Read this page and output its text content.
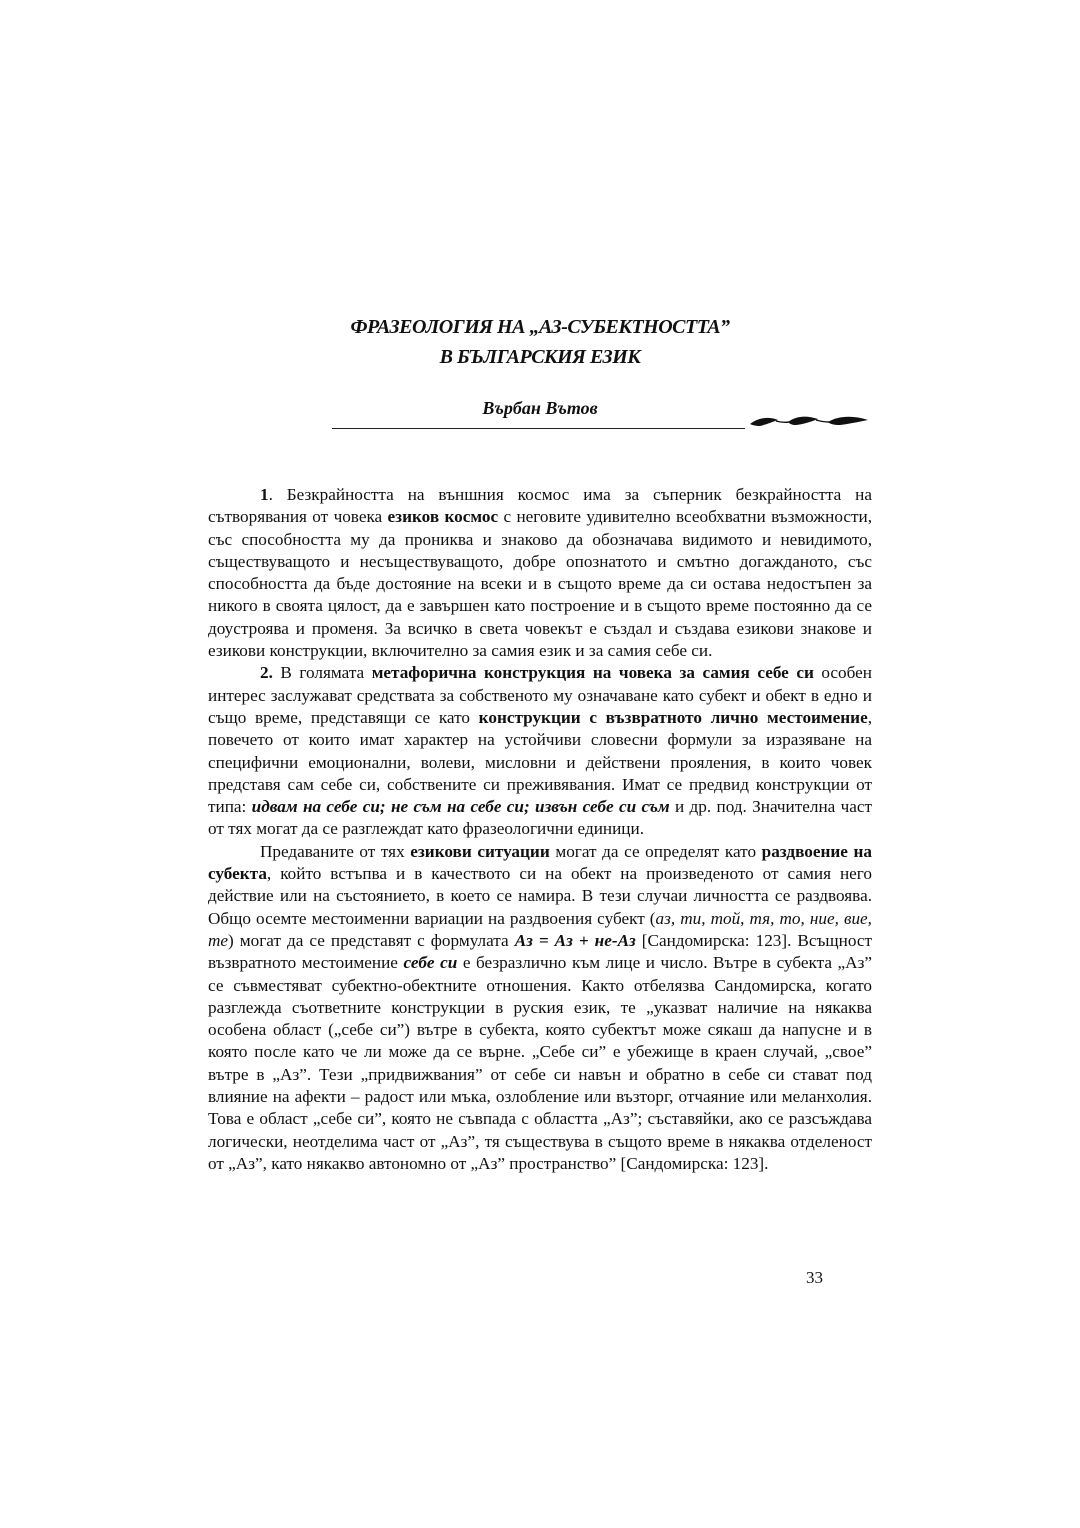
ФРАЗЕОЛОГИЯ НА „АЗ-СУБЕКТНОСТТА”
В БЪЛГАРСКИЯ ЕЗИК
Върбан Вътов

1. Безкрайността на външния космос има за съперник безкрайността на сътворявания от човека езиков космос с неговите удивително всеобхватни възможности, със способността му да прониква и знаково да обозначава видимото и невидимото, съществуващото и несъществуващото, добре опознатото и смътно догажданото, със способността да бъде достояние на всеки и в същото време да си остава недостъпен за никого в своята цялост, да е завършен като построение и в същото време постоянно да се доустроява и променя. За всичко в света човекът е създал и създава езикови знакове и езикови конструкции, включително за самия език и за самия себе си.

2. В голямата метафорична конструкция на човека за самия себе си особен интерес заслужават средствата за собственото му означаване като субект и обект в едно и също време, представящи се като конструкции с възвратното лично местоимение, повечето от които имат характер на устойчиви словесни формули за изразяване на специфични емоционални, волеви, мисловни и действени прояления, в които човек представя сам себе си, собствените си преживявания. Имат се предвид конструкции от типа: идвам на себе си; не съм на себе си; извън себе си съм и др. под. Значителна част от тях могат да се разглеждат като фразеологични единици.

Предаваните от тях езикови ситуации могат да се определят като раздвоение на субекта, който встъпва и в качеството си на обект на произведеното от самия него действие или на състоянието, в което се намира. В тези случаи личността се раздвоява. Общо осемте местоименни вариации на раздвоения субект (аз, ти, той, тя, то, ние, вие, те) могат да се представят с формулата Аз = Аз + не-Аз [Сандомирска: 123]. Всъщност възвратното местоимение себе си е безразлично към лице и число. Вътре в субекта „Аз” се съвместяват субектно-обектните отношения. Както отбелязва Сандомирска, когато разглежда съответните конструкции в руския език, те „указват наличие на някаква особена област („себе си”) вътре в субекта, която субектът може сякаш да напусне и в която после като че ли може да се върне. „Себе си” е убежище в краен случай, „свое” вътре в „Аз”. Тези „придвижвания” от себе си навън и обратно в себе си стават под влияние на афекти – радост или мъка, озлобление или възторг, отчаяние или меланхолия. Това е област „себе си”, която не съвпада с областта „Аз”; съставяйки, ако се разсъждава логически, неотделима част от „Аз”, тя съществува в същото време в някаква отделеност от „Аз”, като някакво автономно от „Аз” пространство” [Сандомирска: 123].

33
